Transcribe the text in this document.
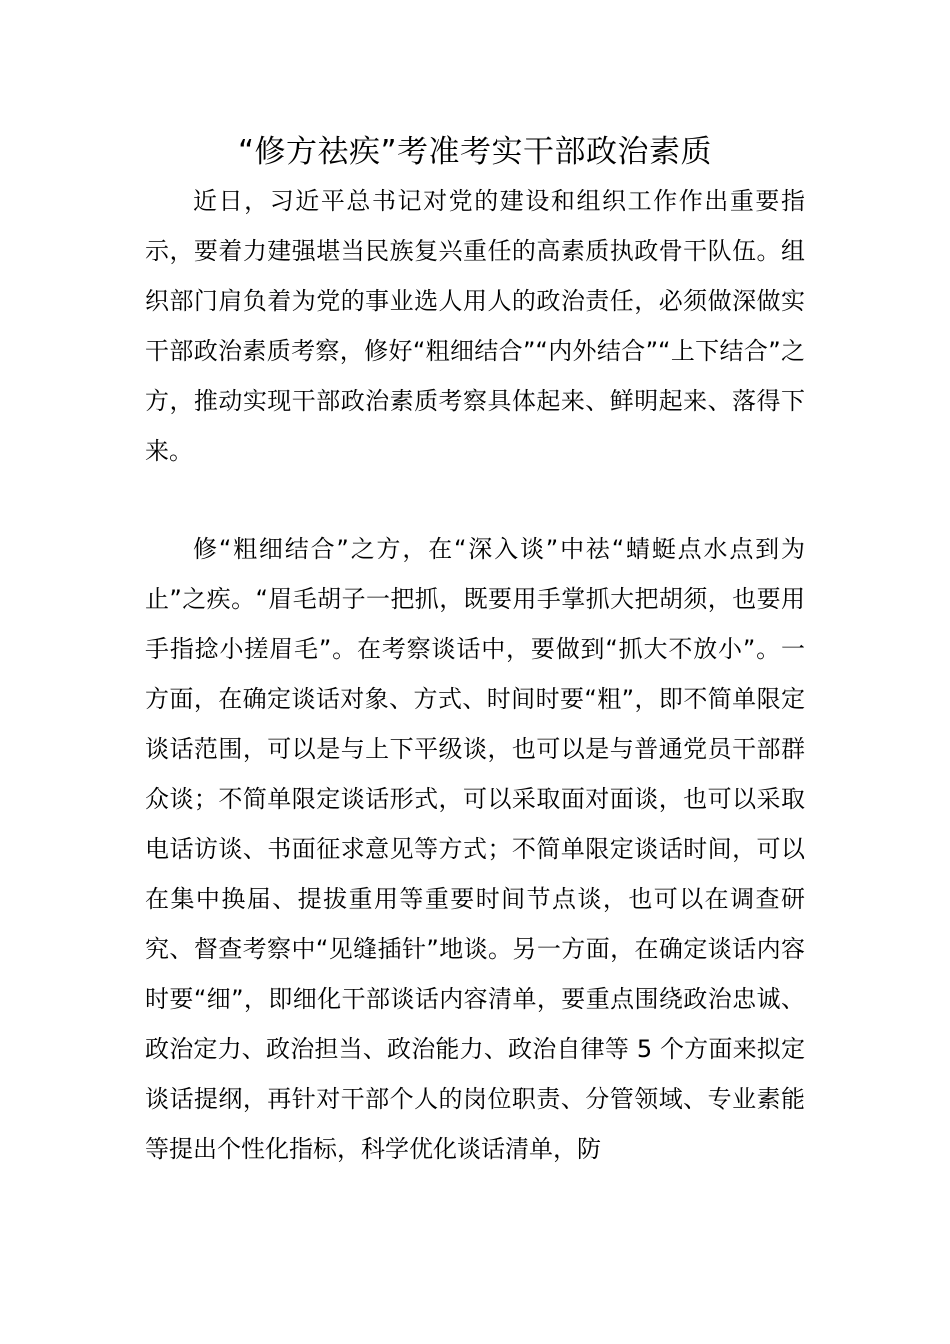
“修方祛疾”考准考实干部政治素质

近日，习近平总书记对党的建设和组织工作作出重要指示，要着力建强堪当民族复兴重任的高素质执政骨干队伍。组织部门肩负着为党的事业选人用人的政治责任，必须做深做实干部政治素质考察，修好“粗细结合”“内外结合”“上下结合”之方，推动实现干部政治素质考察具体起来、鲜明起来、落得下来。

修“粗细结合”之方，在“深入谈”中祛“蜻蜓点水点到为止”之疾。“眉毛胡子一把抓，既要用手掌抓大把胡须，也要用手指捻小搓眉毛”。在考察谈话中，要做到“抓大不放小”。一方面，在确定谈话对象、方式、时间时要“粗”，即不简单限定谈话范围，可以是与上下平级谈，也可以是与普通党员干部群众谈；不简单限定谈话形式，可以采取面对面谈，也可以采取电话访谈、书面征求意见等方式；不简单限定谈话时间，可以在集中换届、提拔重用等重要时间节点谈，也可以在调查研究、督查考察中“见缝插针”地谈。另一方面，在确定谈话内容时要“细”，即细化干部谈话内容清单，要重点围绕政治忠诚、政治定力、政治担当、政治能力、政治自律等 5 个方面来拟定谈话提纲，再针对干部个人的岗位职责、分管领域、专业素能等提出个性化指标，科学优化谈话清单，防
